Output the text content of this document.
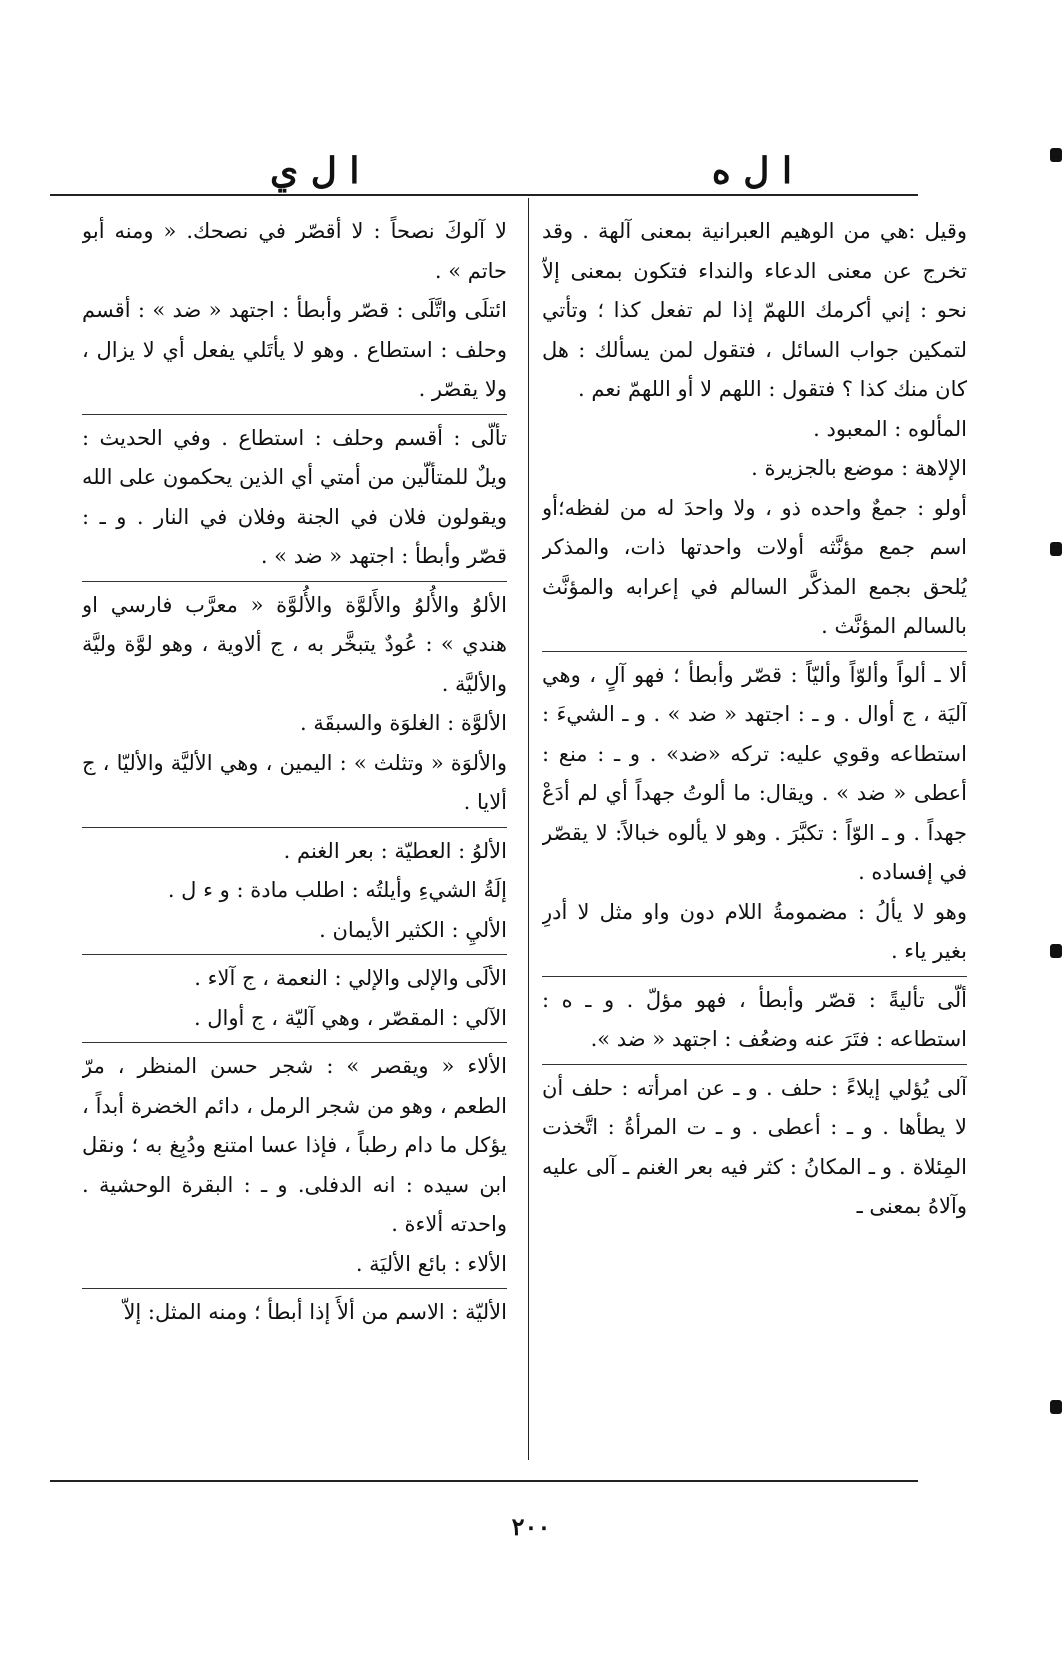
ا ل ه
ا ل ي

وقيل :هي من الوهيم العبرانية بمعنى آلهة . وقد تخرج عن معنى الدعاء والنداء فتكون بمعنى إلاّ نحو : إني أكرمك اللهمّ إذا لم تفعل كذا ؛ وتأتي لتمكين جواب السائل ، فتقول لمن يسألك : هل كان منك كذا ؟ فتقول : اللهم لا أو اللهمّ نعم .

المألوه : المعبود .

الإلاهة : موضع بالجزيرة .

أولو : جمعٌ واحده ذو ، ولا واحدَ له من لفظه؛أو اسم جمع مؤنَّثه أولات واحدتها ذات، والمذكر يُلحق بجمع المذكَّر السالم في إعرابه والمؤنَّث بالسالم المؤنَّث .

ألا ـ ألواً وألوّاً وأليّاً : قصّر وأبطأ ؛ فهو آلٍ ، وهي آليَة ، ج أوال . و ـ : اجتهد « ضد » . و ـ الشيءَ : استطاعه وقوي عليه: تركه «ضد» . و ـ : منع : أعطى « ضد » . ويقال: ما ألوتُ جهداً أي لم أدَعْ جهداً . و ـ الوّاً : تكبَّرَ . وهو لا يألوه خبالاً: لا يقصّر في إفساده .

وهو لا يألُ : مضمومةُ اللام دون واو مثل لا أدرِ بغير ياء .

ألّى تأليةً : قصّر وأبطأ ، فهو مؤلّ . و ـ ه : استطاعه : فتَرَ عنه وضعُف : اجتهد « ضد ».

آلى يُؤلي إيلاءً : حلف . و ـ عن امرأته : حلف أن لا يطأها . و ـ : أعطى . و ـ ت المرأةُ : اتَّخذت المِئلاة . و ـ المكانُ : كثر فيه بعر الغنم ـ آلى عليه وآلاهُ بمعنى ـ

لا آلوكَ نصحاً : لا أقصّر في نصحك. « ومنه أبو حاتم » .

ائتلَى واتَّلَى : قصّر وأبطأ : اجتهد « ضد » : أقسم وحلف : استطاع . وهو لا يأتَلي يفعل أي لا يزال ، ولا يقصّر .

تألّى : أقسم وحلف : استطاع . وفي الحديث : ويلٌ للمتألّين من أمتي أي الذين يحكمون على الله ويقولون فلان في الجنة وفلان في النار . و ـ : قصّر وأبطأ : اجتهد « ضد » .

الألوُ والأُلوُ والأَلوَّة والأُلوَّة « معرَّب فارسي او هندي » : عُودٌ يتبخَّر به ، ج ألاوية ، وهو لوَّة وليَّة والأليَّة .

الألوَّة : الغلوَة والسبقَة .

والألوَة « وتثلث » : اليمين ، وهي الأليَّة والأليّا ، ج ألايا .

الألوُ : العطيّة : بعر الغنم .

إلَةُ الشيءِ وأيلتُه : اطلب مادة : و ء ل .

الأليِ : الكثير الأيمان .

الألَى والإلى والإلي : النعمة ، ج آلاء .

الآلي : المقصّر ، وهي آليّة ، ج أوال .

الألاء « ويقصر » : شجر حسن المنظر ، مرّ الطعم ، وهو من شجر الرمل ، دائم الخضرة أبداً ، يؤكل ما دام رطباً ، فإذا عسا امتنع ودُبِغ به ؛ ونقل ابن سيده : انه الدفلى. و ـ : البقرة الوحشية . واحدته ألاءة .

الألاء : بائع الأليَة .

الأليّة : الاسم من ألأَ إذا أبطأ ؛ ومنه المثل: إلاّ

٢٠٠
